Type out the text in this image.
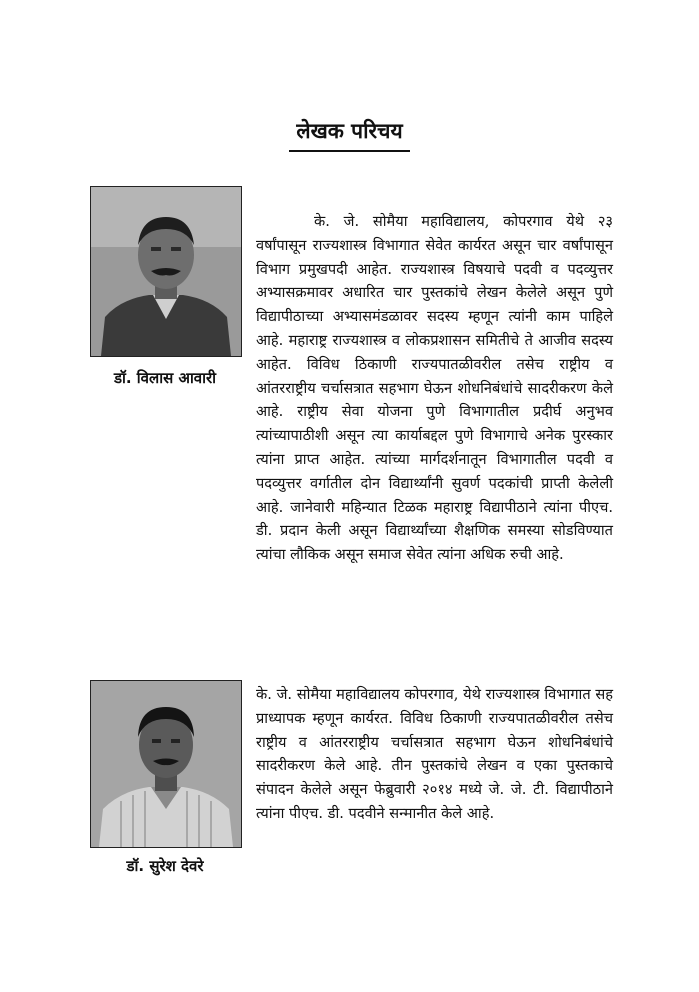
लेखक परिचय
डॉ. विलास आवारी

के. जे. सोमैया महाविद्यालय, कोपरगाव येथे २३ वर्षांपासून राज्यशास्त्र विभागात सेवेत कार्यरत असून चार वर्षांपासून विभाग प्रमुखपदी आहेत. राज्यशास्त्र विषयाचे पदवी व पदव्युत्तर अभ्यासक्रमावर अधारित चार पुस्तकांचे लेखन केलेले असून पुणे विद्यापीठाच्या अभ्यासमंडळावर सदस्य म्हणून त्यांनी काम पाहिले आहे. महाराष्ट्र राज्यशास्त्र व लोकप्रशासन समितीचे ते आजीव सदस्य आहेत. विविध ठिकाणी राज्यपातळीवरील तसेच राष्ट्रीय व आंतरराष्ट्रीय चर्चासत्रात सहभाग घेऊन शोधनिबंधांचे सादरीकरण केले आहे. राष्ट्रीय सेवा योजना पुणे विभागातील प्रदीर्घ अनुभव त्यांच्यापाठीशी असून त्या कार्याबद्दल पुणे विभागाचे अनेक पुरस्कार त्यांना प्राप्त आहेत. त्यांच्या मार्गदर्शनातून विभागातील पदवी व पदव्युत्तर वर्गातील दोन विद्यार्थ्यांनी सुवर्ण पदकांची प्राप्ती केलेली आहे. जानेवारी महिन्यात टिळक महाराष्ट्र विद्यापीठाने त्यांना पीएच. डी. प्रदान केली असून विद्यार्थ्यांच्या शैक्षणिक समस्या सोडविण्यात त्यांचा लौकिक असून समाज सेवेत त्यांना अधिक रुची आहे.

डॉ. सुरेश देवरे

के. जे. सोमैया महाविद्यालय कोपरगाव, येथे राज्यशास्त्र विभागात सह प्राध्यापक म्हणून कार्यरत. विविध ठिकाणी राज्यपातळीवरील तसेच राष्ट्रीय व आंतरराष्ट्रीय चर्चासत्रात सहभाग घेऊन शोधनिबंधांचे सादरीकरण केले आहे. तीन पुस्तकांचे लेखन व एका पुस्तकाचे संपादन केलेले असून फेब्रुवारी २०१४ मध्ये जे. जे. टी. विद्यापीठाने त्यांना पीएच. डी. पदवीने सन्मानीत केले आहे.
